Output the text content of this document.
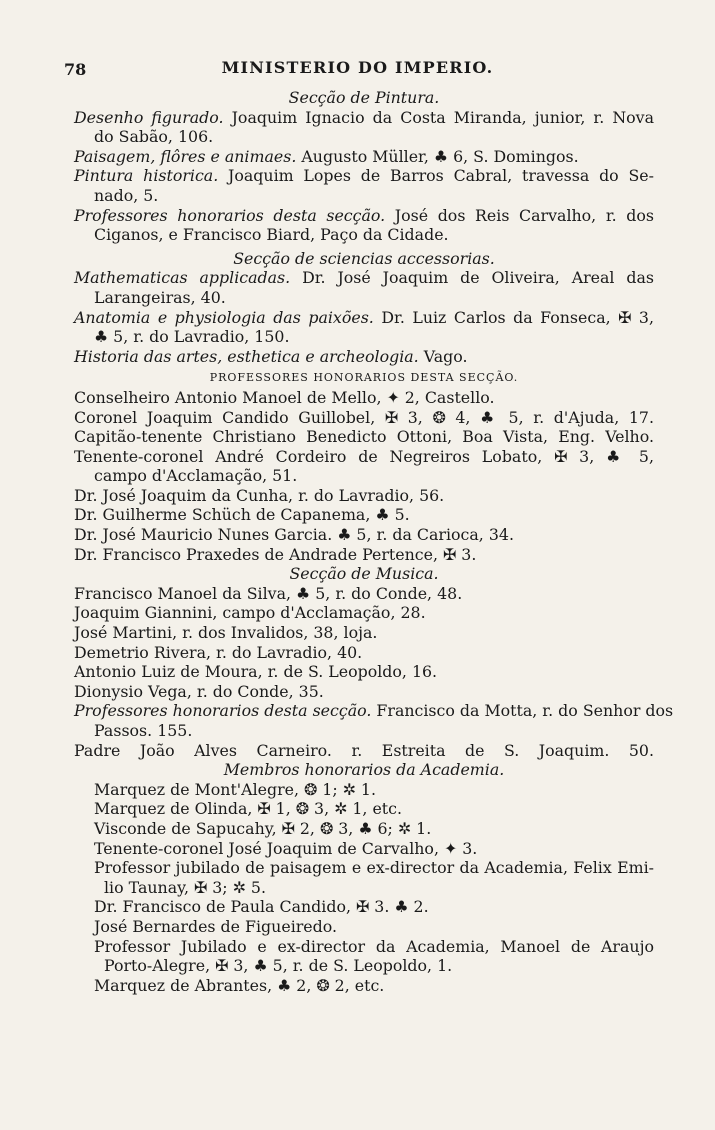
78	MINISTERIO DO IMPERIO.
Secção de Pintura.
Desenho figurado. Joaquim Ignacio da Costa Miranda, junior, r. Nova
do Sabão, 106.
Paisagem, flôres e animaes. Augusto Müller, ♣ 6, S. Domingos.
Pintura historica. Joaquim Lopes de Barros Cabral, travessa do Se-
nado, 5.
Professores honorarios desta secção. José dos Reis Carvalho, r. dos
Ciganos, e Francisco Biard, Paço da Cidade.
Secção de sciencias accessorias.
Mathematicas applicadas. Dr. José Joaquim de Oliveira, Areal das
Larangeiras, 40.
Anatomia e physiologia das paixões. Dr. Luiz Carlos da Fonseca, ✠ 3,
♣ 5, r. do Lavradio, 150.
Historia das artes, esthetica e archeologia. Vago.
PROFESSORES HONORARIOS DESTA SECÇÃO.
Conselheiro Antonio Manoel de Mello, ✦ 2, Castello.
Coronel Joaquim Candido Guillobel, ✠ 3, ❂ 4, ♣ 5, r. d'Ajuda, 17.
Capitão-tenente Christiano Benedicto Ottoni, Boa Vista, Eng. Velho.
Tenente-coronel André Cordeiro de Negreiros Lobato, ✠ 3, ♣ 5,
campo d'Acclamação, 51.
Dr. José Joaquim da Cunha, r. do Lavradio, 56.
Dr. Guilherme Schüch de Capanema, ♣ 5.
Dr. José Mauricio Nunes Garcia. ♣ 5, r. da Carioca, 34.
Dr. Francisco Praxedes de Andrade Pertence, ✠ 3.
Secção de Musica.
Francisco Manoel da Silva, ♣ 5, r. do Conde, 48.
Joaquim Giannini, campo d'Acclamação, 28.
José Martini, r. dos Invalidos, 38, loja.
Demetrio Rivera, r. do Lavradio, 40.
Antonio Luiz de Moura, r. de S. Leopoldo, 16.
Dionysio Vega, r. do Conde, 35.
Professores honorarios desta secção. Francisco da Motta, r. do Senhor dos
Passos. 155.
Padre João Alves Carneiro. r. Estreita de S. Joaquim. 50.
Membros honorarios da Academia.
Marquez de Mont'Alegre, ❂ 1; ✲ 1.
Marquez de Olinda, ✠ 1, ❂ 3, ✲ 1, etc.
Visconde de Sapucahy, ✠ 2, ❂ 3, ♣ 6; ✲ 1.
Tenente-coronel José Joaquim de Carvalho, ✦ 3.
Professor jubilado de paisagem e ex-director da Academia, Felix Emi-
lio Taunay, ✠ 3; ✲ 5.
Dr. Francisco de Paula Candido, ✠ 3. ♣ 2.
José Bernardes de Figueiredo.
Professor Jubilado e ex-director da Academia, Manoel de Araujo
Porto-Alegre, ✠ 3, ♣ 5, r. de S. Leopoldo, 1.
Marquez de Abrantes, ♣ 2, ❂ 2, etc.
